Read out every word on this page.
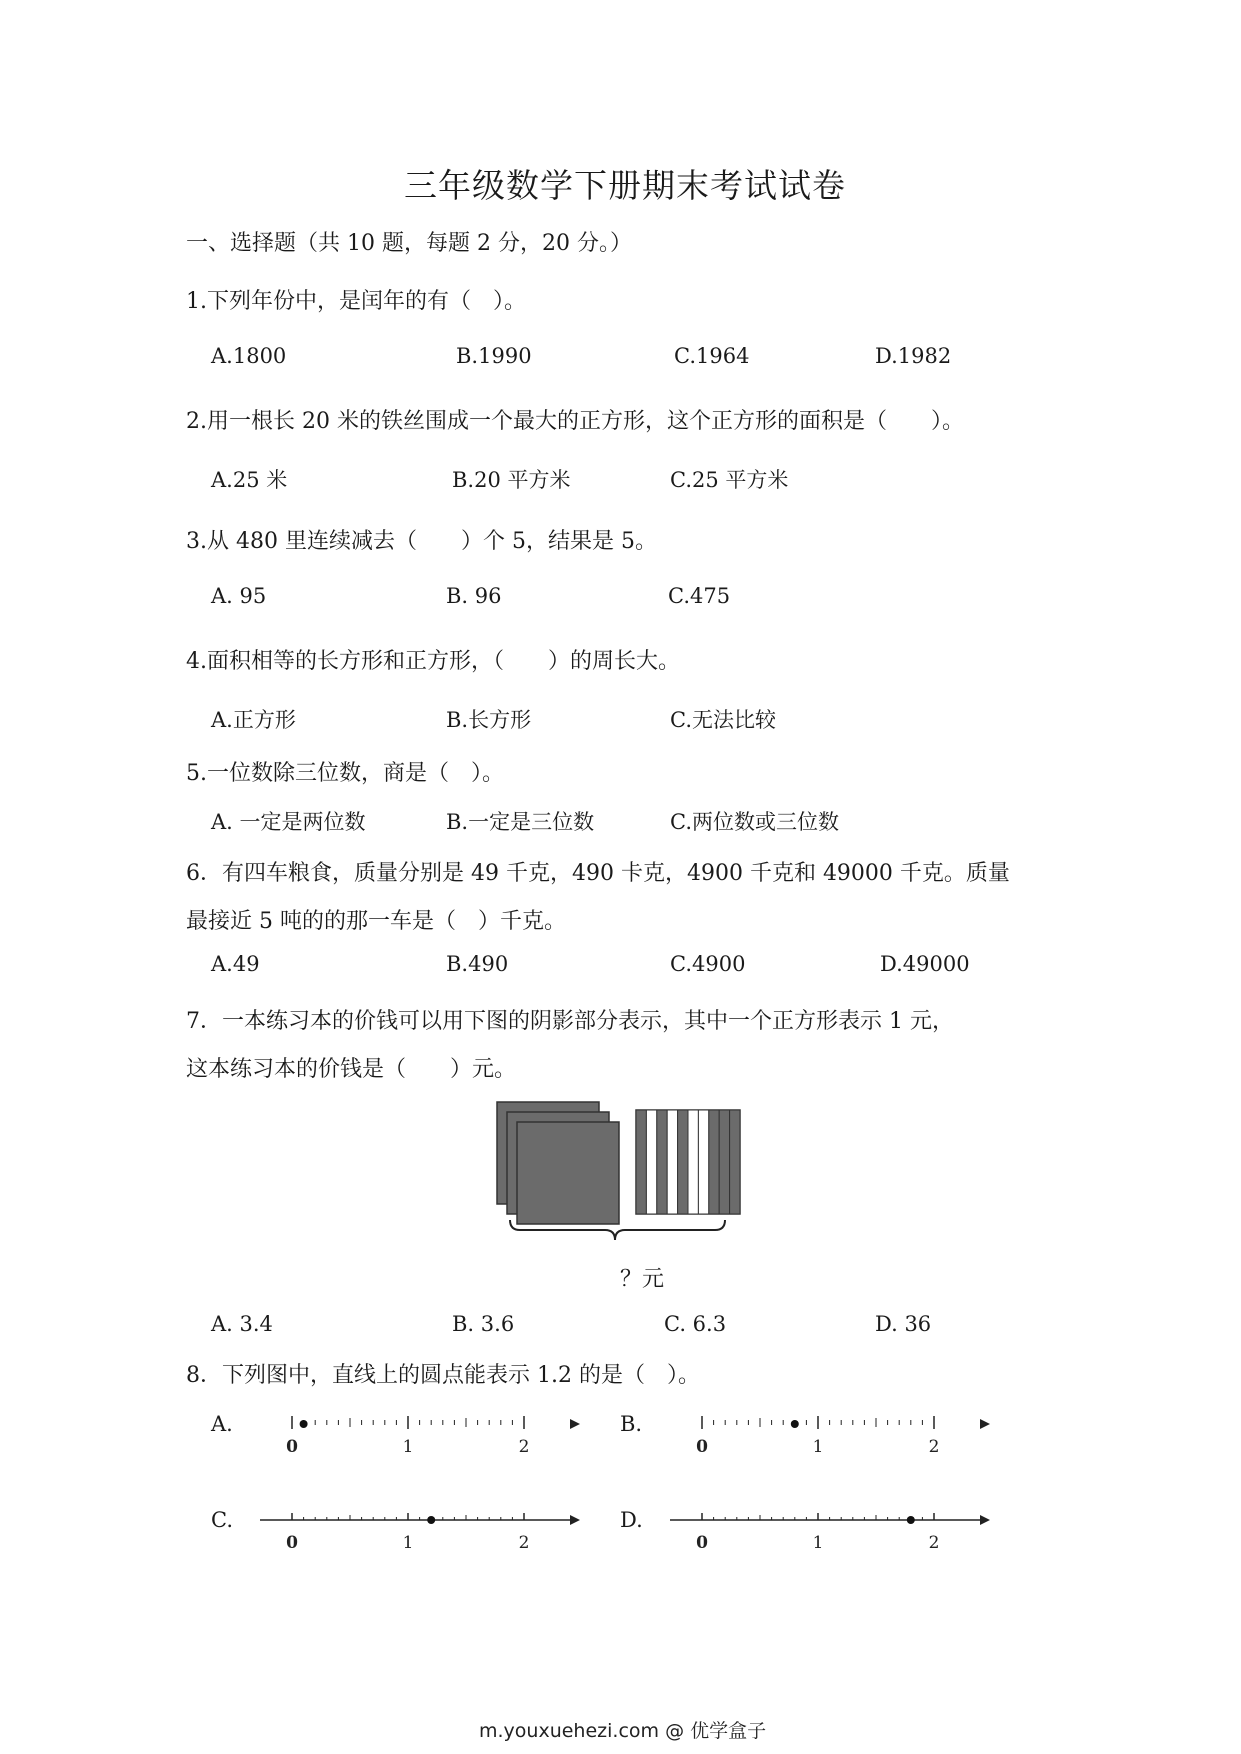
三年级数学下册期末考试试卷
一、选择题（共 10 题，每题 2 分，20 分。）
1.下列年份中，是闰年的有（　）。
A.1800	B.1990	C.1964	D.1982
2.用一根长 20 米的铁丝围成一个最大的正方形，这个正方形的面积是（　　）。
A.25 米	B.20 平方米	C.25 平方米
3.从 480 里连续减去（　　）个 5，结果是 5。
A. 95	B. 96	C.475
4.面积相等的长方形和正方形，（　　）的周长大。
A.正方形	B.长方形	C.无法比较
5.一位数除三位数，商是（　）。
A. 一定是两位数	B.一定是三位数	C.两位数或三位数
6．有四车粮食，质量分别是 49 千克，490 卡克，4900 千克和 49000 千克。质量
最接近 5 吨的的那一车是（　）千克。
A.49	B.490	C.4900	D.49000
7．一本练习本的价钱可以用下图的阴影部分表示，其中一个正方形表示 1 元，
这本练习本的价钱是（　　）元。
？元
A. 3.4	B. 3.6	C. 6.3	D. 36
8．下列图中，直线上的圆点能表示 1.2 的是（　）。
A.
0	1	2
B.
0	1	2
C.
0	1	2
D.
0	1	2
m.youxuehezi.com @ 优学盒子
